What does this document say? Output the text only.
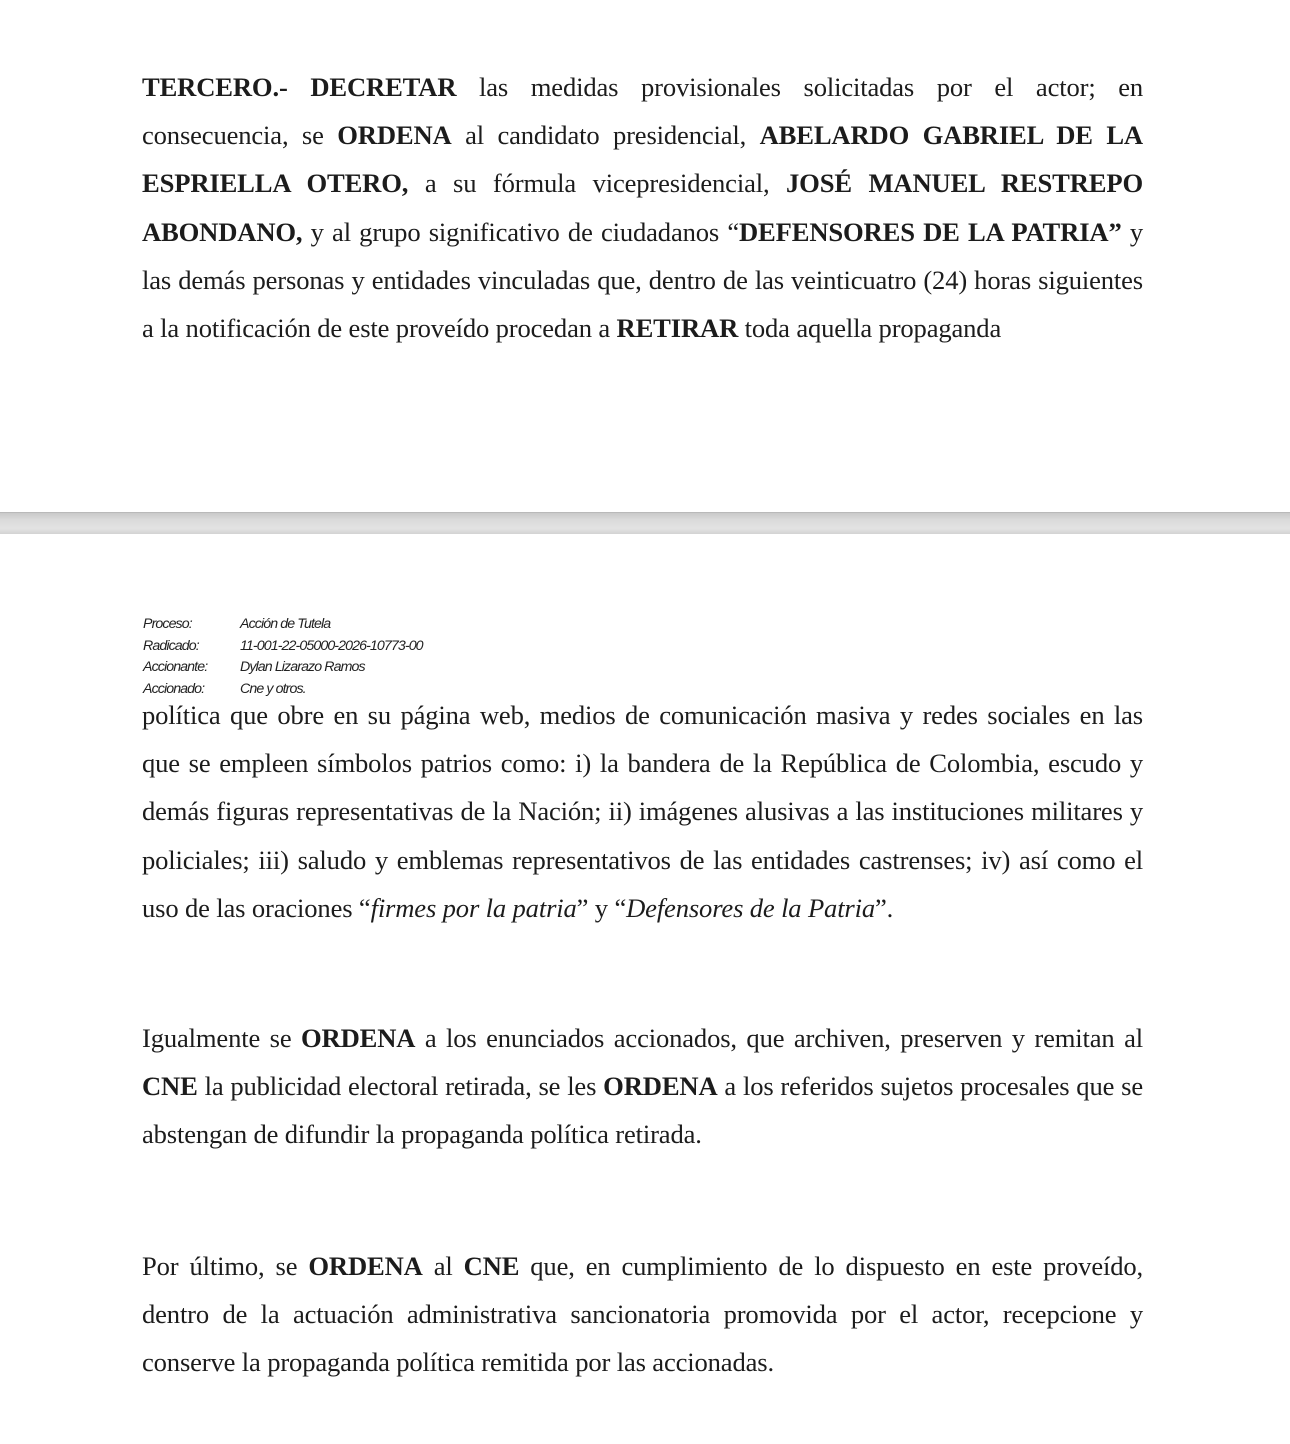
TERCERO.- DECRETAR las medidas provisionales solicitadas por el actor; en consecuencia, se ORDENA al candidato presidencial, ABELARDO GABRIEL DE LA ESPRIELLA OTERO, a su fórmula vicepresidencial, JOSÉ MANUEL RESTREPO ABONDANO, y al grupo significativo de ciudadanos “DEFENSORES DE LA PATRIA” y las demás personas y entidades vinculadas que, dentro de las veinticuatro (24) horas siguientes a la notificación de este proveído procedan a RETIRAR toda aquella propaganda

Proceso:	Acción de Tutela
Radicado:	11-001-22-05000-2026-10773-00
Accionante:	Dylan Lizarazo Ramos
Accionado:	Cne y otros.

política que obre en su página web, medios de comunicación masiva y redes sociales en las que se empleen símbolos patrios como: i) la bandera de la República de Colombia, escudo y demás figuras representativas de la Nación; ii) imágenes alusivas a las instituciones militares y policiales; iii) saludo y emblemas representativos de las entidades castrenses; iv) así como el uso de las oraciones “firmes por la patria” y “Defensores de la Patria”.

Igualmente se ORDENA a los enunciados accionados, que archiven, preserven y remitan al CNE la publicidad electoral retirada, se les ORDENA a los referidos sujetos procesales que se abstengan de difundir la propaganda política retirada.

Por último, se ORDENA al CNE que, en cumplimiento de lo dispuesto en este proveído, dentro de la actuación administrativa sancionatoria promovida por el actor, recepcione y conserve la propaganda política remitida por las accionadas.
